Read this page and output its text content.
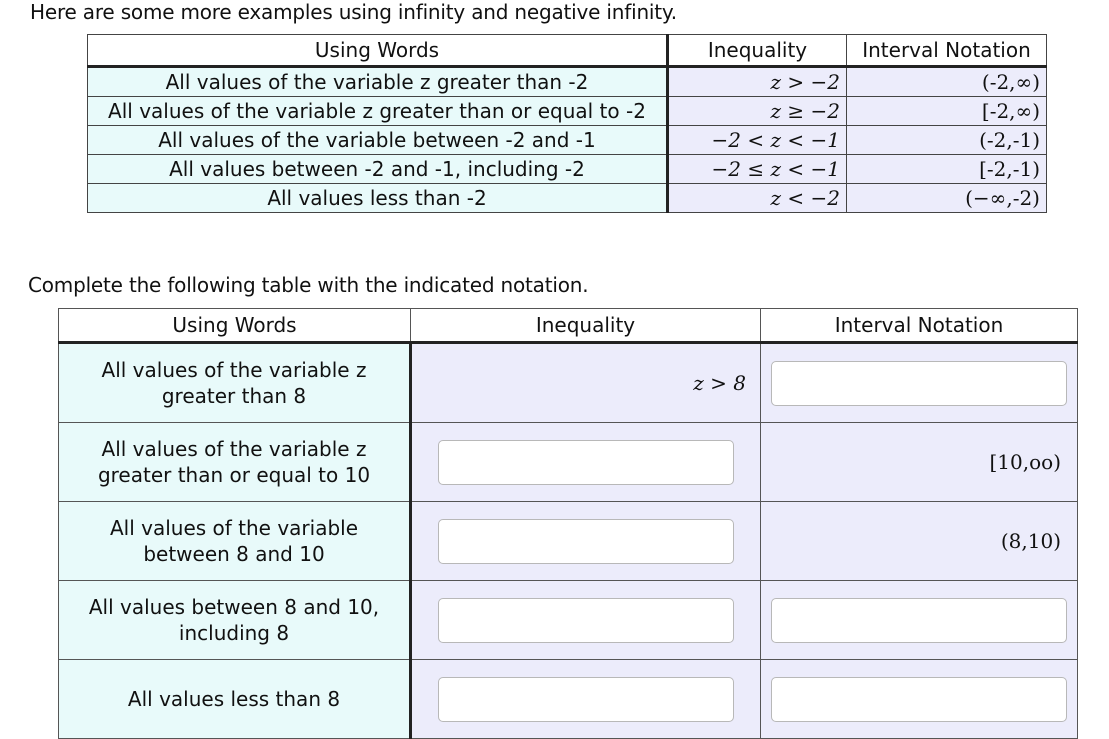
Here are some more examples using infinity and negative infinity.
Using Words	Inequality	Interval Notation
All values of the variable z greater than -2	z > −2	(-2,∞)
All values of the variable z greater than or equal to -2	z ≥ −2	[-2,∞)
All values of the variable between -2 and -1	−2 < z < −1	(-2,-1)
All values between -2 and -1, including -2	−2 ≤ z < −1	[-2,-1)
All values less than -2	z < −2	(−∞,-2)
Complete the following table with the indicated notation.
Using Words	Inequality	Interval Notation
All values of the variable z greater than 8	z > 8	

All values of the variable z greater than or equal to 10		[10,oo)
All values of the variable between 8 and 10		(8,10)
All values between 8 and 10, including 8	

All values less than 8	
